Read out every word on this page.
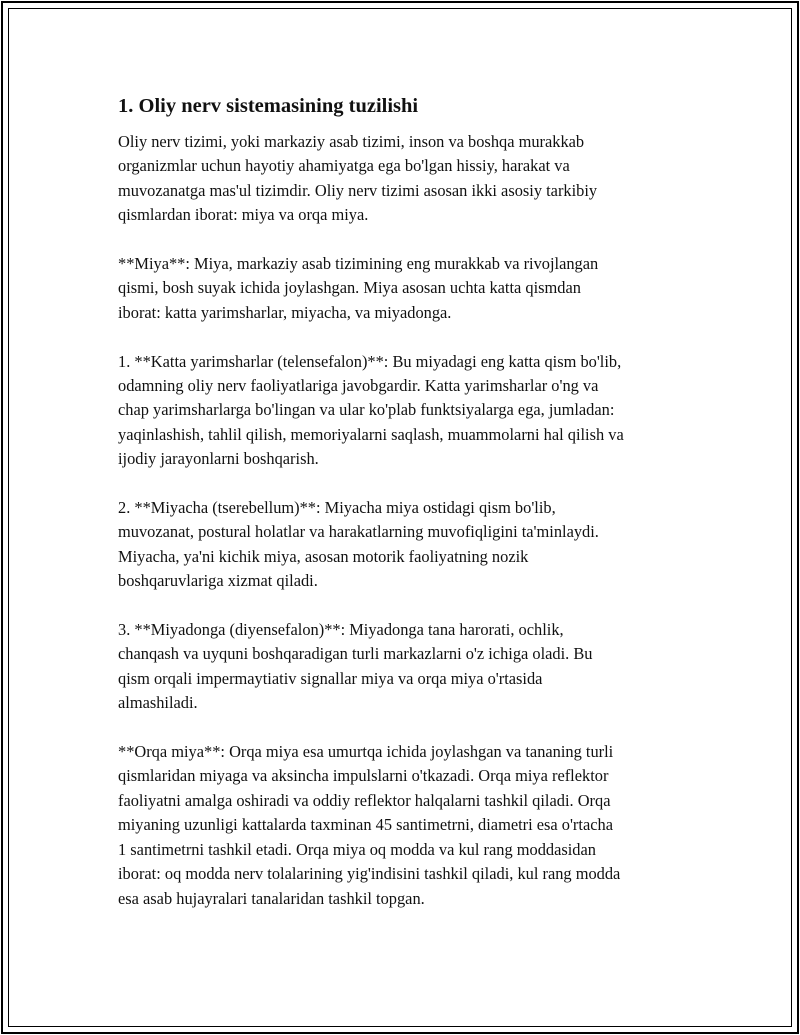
1. Oliy nerv sistemasining tuzilishi
Oliy nerv tizimi, yoki markaziy asab tizimi, inson va boshqa murakkab
organizmlar uchun hayotiy ahamiyatga ega bo'lgan hissiy, harakat va
muvozanatga mas'ul tizimdir. Oliy nerv tizimi asosan ikki asosiy tarkibiy
qismlardan iborat: miya va orqa miya.
**Miya**: Miya, markaziy asab tizimining eng murakkab va rivojlangan
qismi, bosh suyak ichida joylashgan. Miya asosan uchta katta qismdan
iborat: katta yarimsharlar, miyacha, va miyadonga.
1. **Katta yarimsharlar (telensefalon)**: Bu miyadagi eng katta qism bo'lib,
odamning oliy nerv faoliyatlariga javobgardir. Katta yarimsharlar o'ng va
chap yarimsharlarga bo'lingan va ular ko'plab funktsiyalarga ega, jumladan:
yaqinlashish, tahlil qilish, memoriyalarni saqlash, muammolarni hal qilish va
ijodiy jarayonlarni boshqarish.
2. **Miyacha (tserebellum)**: Miyacha miya ostidagi qism bo'lib,
muvozanat, postural holatlar va harakatlarning muvofiqligini ta'minlaydi.
Miyacha, ya'ni kichik miya, asosan motorik faoliyatning nozik
boshqaruvlariga xizmat qiladi.
3. **Miyadonga (diyensefalon)**: Miyadonga tana harorati, ochlik,
chanqash va uyquni boshqaradigan turli markazlarni o'z ichiga oladi. Bu
qism orqali impermaytiativ signallar miya va orqa miya o'rtasida
almashiladi.
**Orqa miya**: Orqa miya esa umurtqa ichida joylashgan va tananing turli
qismlaridan miyaga va aksincha impulslarni o'tkazadi. Orqa miya reflektor
faoliyatni amalga oshiradi va oddiy reflektor halqalarni tashkil qiladi. Orqa
miyaning uzunligi kattalarda taxminan 45 santimetrni, diametri esa o'rtacha
1 santimetrni tashkil etadi. Orqa miya oq modda va kul rang moddasidan
iborat: oq modda nerv tolalarining yig'indisini tashkil qiladi, kul rang modda
esa asab hujayralari tanalaridan tashkil topgan.
